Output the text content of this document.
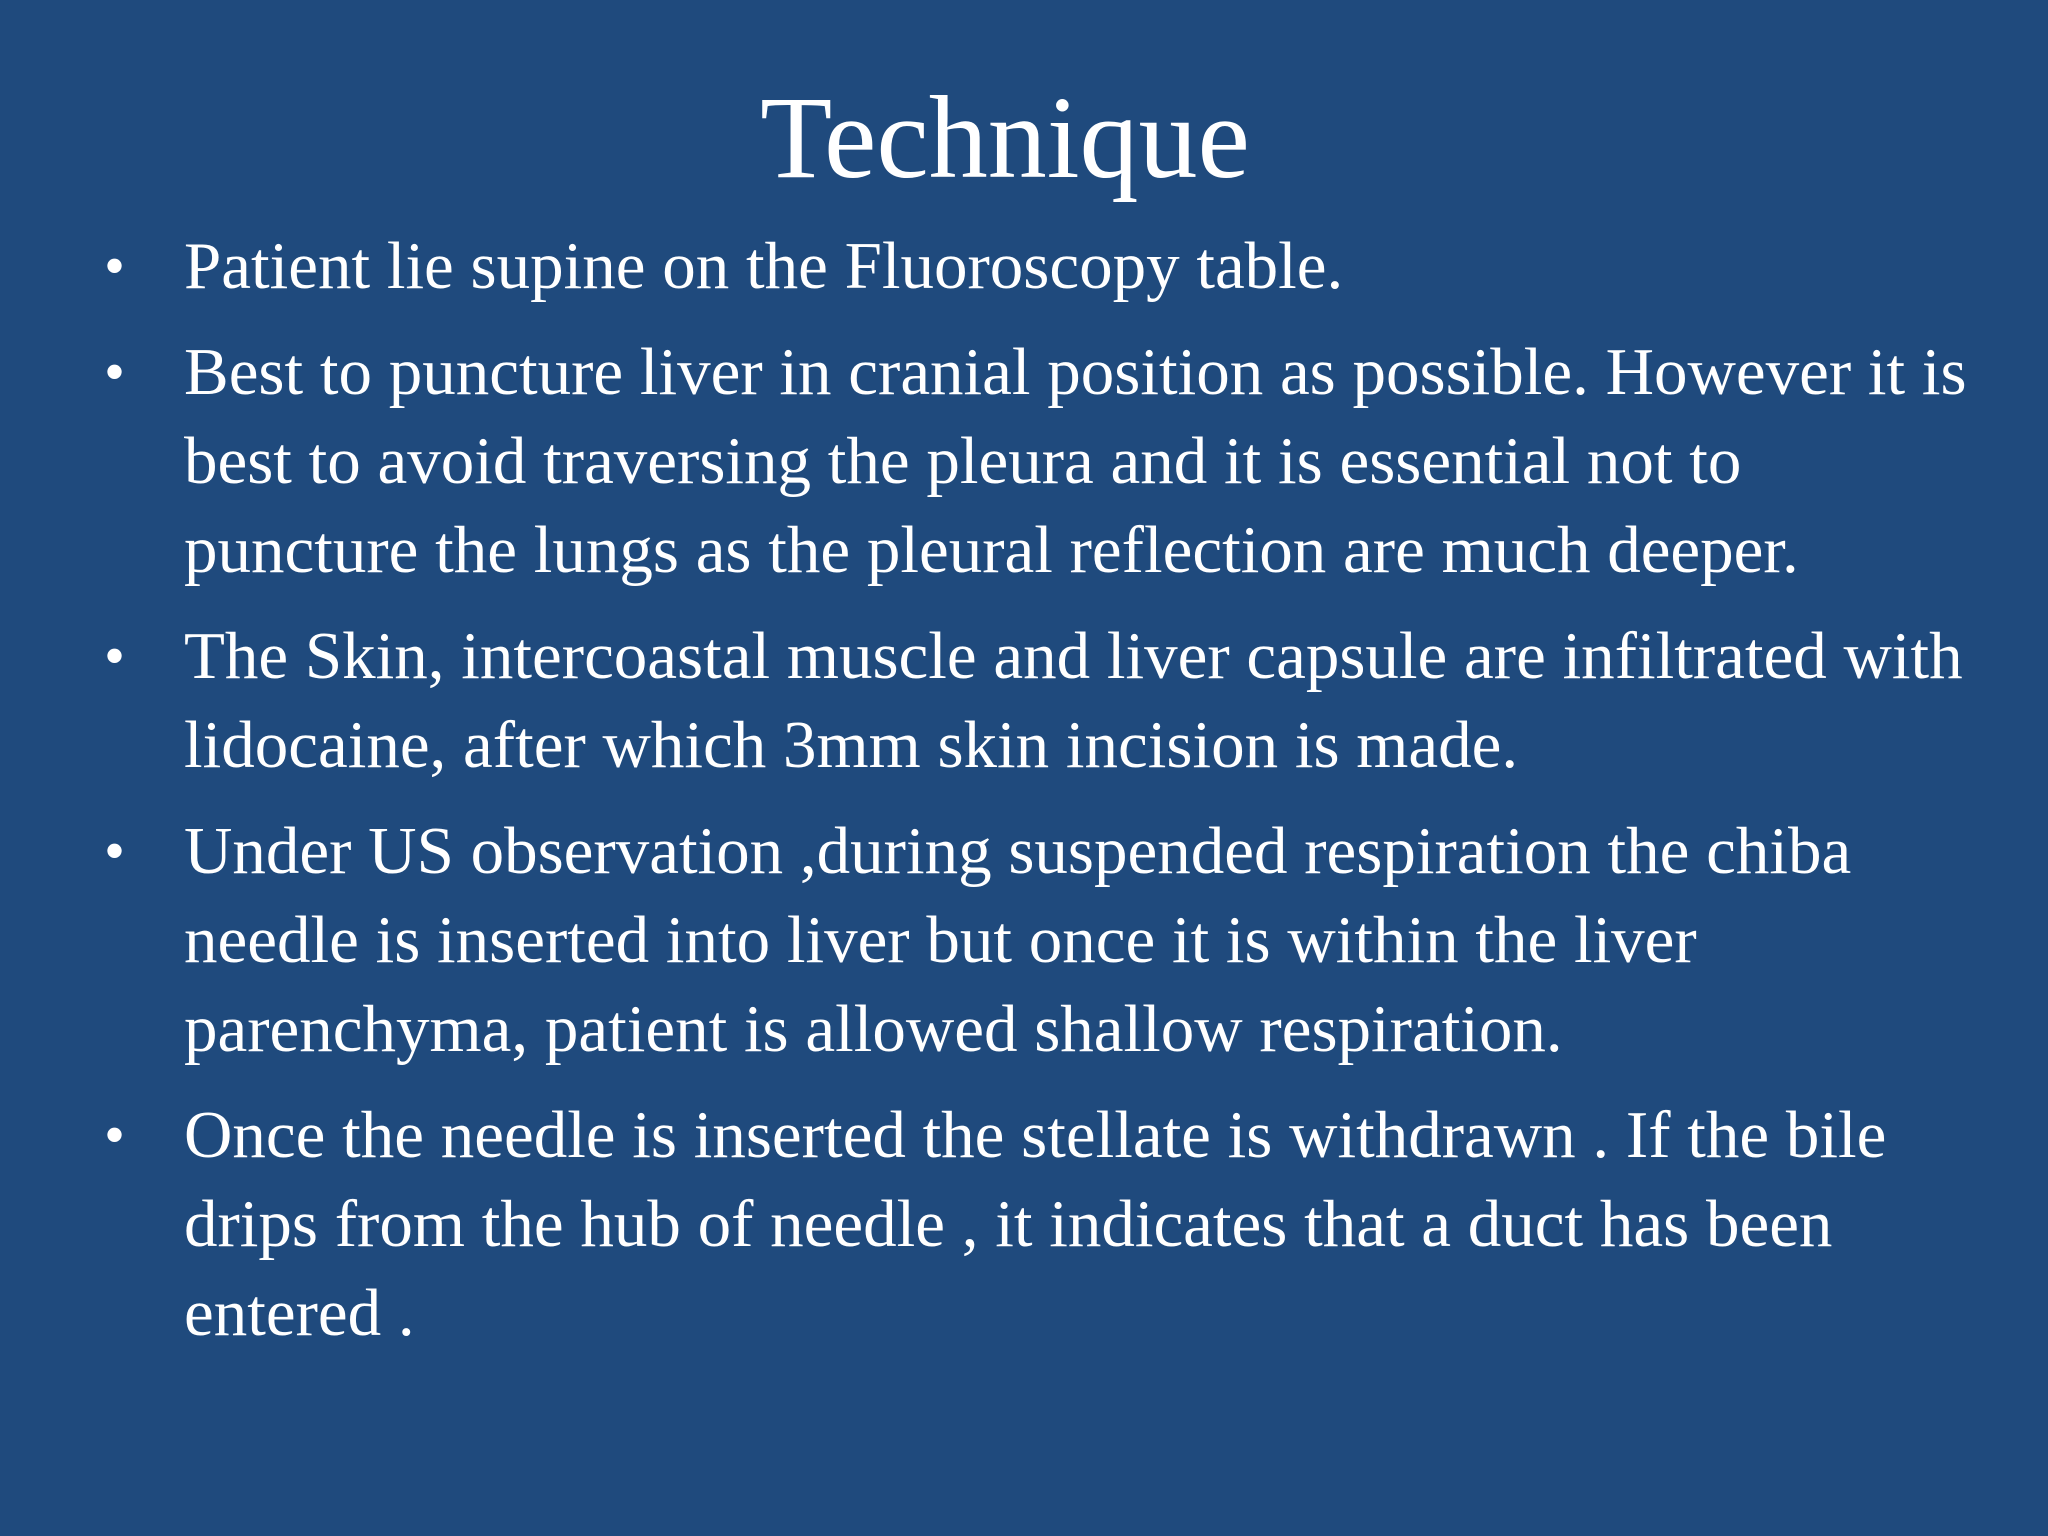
Technique
• Patient lie supine on the Fluoroscopy table.
• Best to puncture liver in cranial position as possible. However it is best to avoid traversing the pleura and it is essential not to puncture the lungs as the pleural reflection are much deeper.
• The Skin, intercoastal muscle and liver capsule are infiltrated with lidocaine, after which 3mm skin incision is made.
• Under US observation ,during suspended respiration the chiba needle is inserted into liver but once it is within the liver parenchyma, patient is allowed shallow respiration.
• Once the needle is inserted the stellate is withdrawn . If the bile drips from the hub of needle , it indicates that a duct has been entered .
